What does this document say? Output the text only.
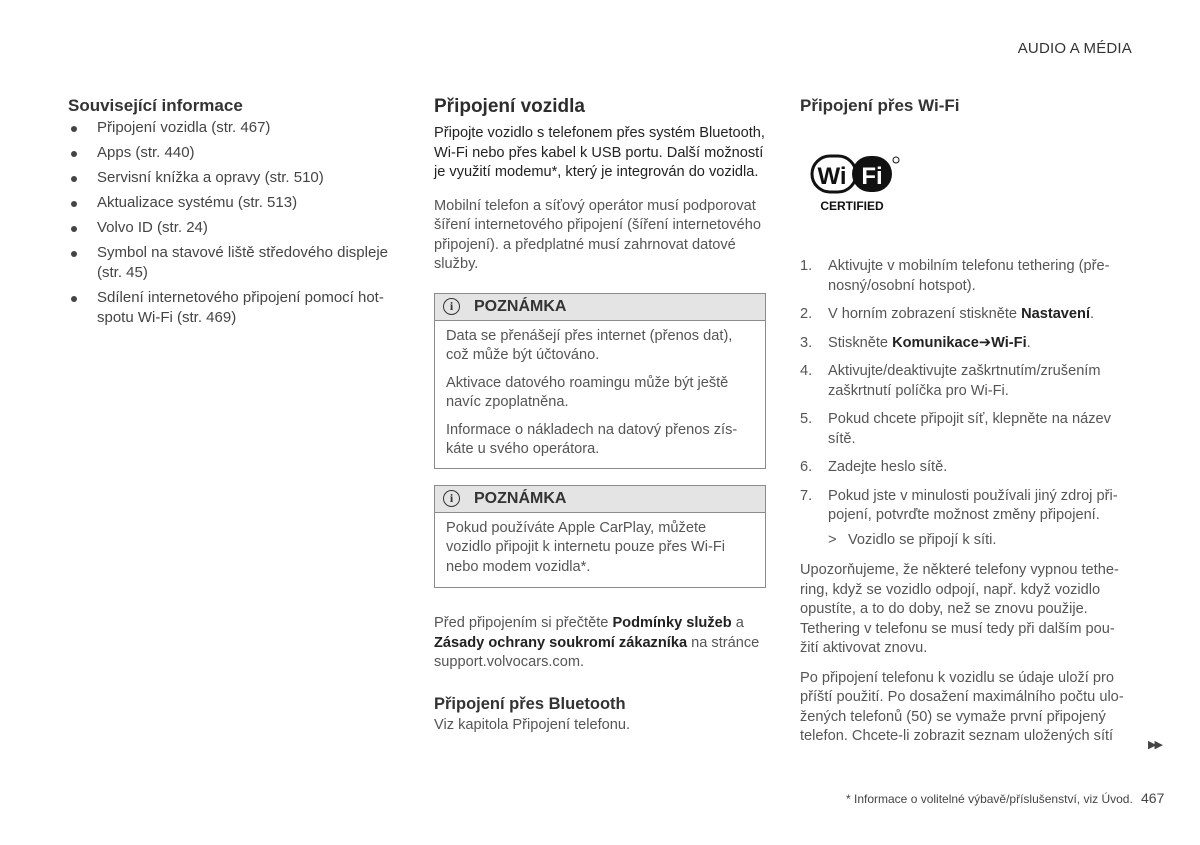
AUDIO A MÉDIA
Související informace
Připojení vozidla (str. 467)
Apps (str. 440)
Servisní knížka a opravy (str. 510)
Aktualizace systému (str. 513)
Volvo ID (str. 24)
Symbol na stavové liště středového displeje (str. 45)
Sdílení internetového připojení pomocí hotspotu Wi-Fi (str. 469)
Připojení vozidla

Připojte vozidlo s telefonem přes systém Bluetooth, Wi-Fi nebo přes kabel k USB portu. Další možností je využití modemu*, který je integrován do vozidla.

Mobilní telefon a síťový operátor musí podporovat šíření internetového připojení (šíření internetového připojení). a předplatné musí zahrnovat datové služby.

i	POZNÁMKA

Data se přenášejí přes internet (přenos dat), což může být účtováno.

Aktivace datového roamingu může být ještě navíc zpoplatněna.

Informace o nákladech na datový přenos získáte u svého operátora.

i	POZNÁMKA

Pokud používáte Apple CarPlay, můžete vozidlo připojit k internetu pouze přes Wi-Fi nebo modem vozidla*.

Před připojením si přečtěte Podmínky služeb a Zásady ochrany soukromí zákazníka na stránce support.volvocars.com.

Připojení přes Bluetooth

Viz kapitola Připojení telefonu.

Připojení přes Wi-Fi
Wi Fi
CERTIFIED
1. Aktivujte v mobilním telefonu tethering (přenosný/osobní hotspot).
2. V horním zobrazení stiskněte Nastavení.
3. Stiskněte Komunikace➔Wi-Fi.
4. Aktivujte/deaktivujte zaškrtnutím/zrušením zaškrtnutí políčka pro Wi-Fi.
5. Pokud chcete připojit síť, klepněte na název sítě.
6. Zadejte heslo sítě.
7. Pokud jste v minulosti používali jiný zdroj připojení, potvrďte možnost změny připojení.
> Vozidlo se připojí k síti.

Upozorňujeme, že některé telefony vypnou tethering, když se vozidlo odpojí, např. když vozidlo opustíte, a to do doby, než se znovu použije. Tethering v telefonu se musí tedy při dalším použití aktivovat znovu.

Po připojení telefonu k vozidlu se údaje uloží pro příští použití. Po dosažení maximálního počtu uložených telefonů (50) se vymaže první připojený telefon. Chcete-li zobrazit seznam uložených sítí

▶▶
* Informace o volitelné výbavě/příslušenství, viz Úvod. 467
